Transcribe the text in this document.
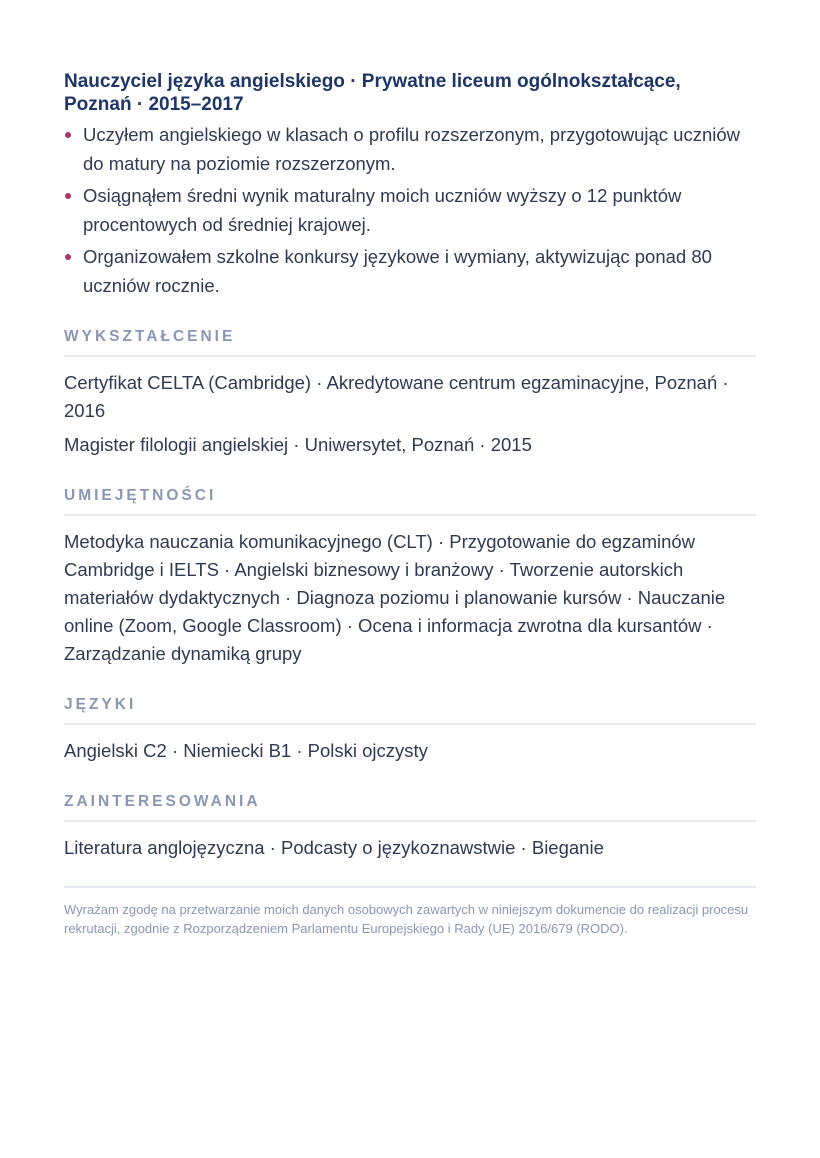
Nauczyciel języka angielskiego · Prywatne liceum ogólnokształcące, Poznań · 2015–2017
Uczyłem angielskiego w klasach o profilu rozszerzonym, przygotowując uczniów do matury na poziomie rozszerzonym.
Osiągnąłem średni wynik maturalny moich uczniów wyższy o 12 punktów procentowych od średniej krajowej.
Organizowałem szkolne konkursy językowe i wymiany, aktywizując ponad 80 uczniów rocznie.
WYKSZTAŁCENIE
Certyfikat CELTA (Cambridge) · Akredytowane centrum egzaminacyjne, Poznań · 2016
Magister filologii angielskiej · Uniwersytet, Poznań · 2015
UMIEJĘTNOŚCI
Metodyka nauczania komunikacyjnego (CLT) · Przygotowanie do egzaminów Cambridge i IELTS · Angielski biznesowy i branżowy · Tworzenie autorskich materiałów dydaktycznych · Diagnoza poziomu i planowanie kursów · Nauczanie online (Zoom, Google Classroom) · Ocena i informacja zwrotna dla kursantów · Zarządzanie dynamiką grupy
JĘZYKI
Angielski C2 · Niemiecki B1 · Polski ojczysty
ZAINTERESOWANIA
Literatura anglojęzyczna · Podcasty o językoznawstwie · Bieganie
Wyrażam zgodę na przetwarzanie moich danych osobowych zawartych w niniejszym dokumencie do realizacji procesu rekrutacji, zgodnie z Rozporządzeniem Parlamentu Europejskiego i Rady (UE) 2016/679 (RODO).
